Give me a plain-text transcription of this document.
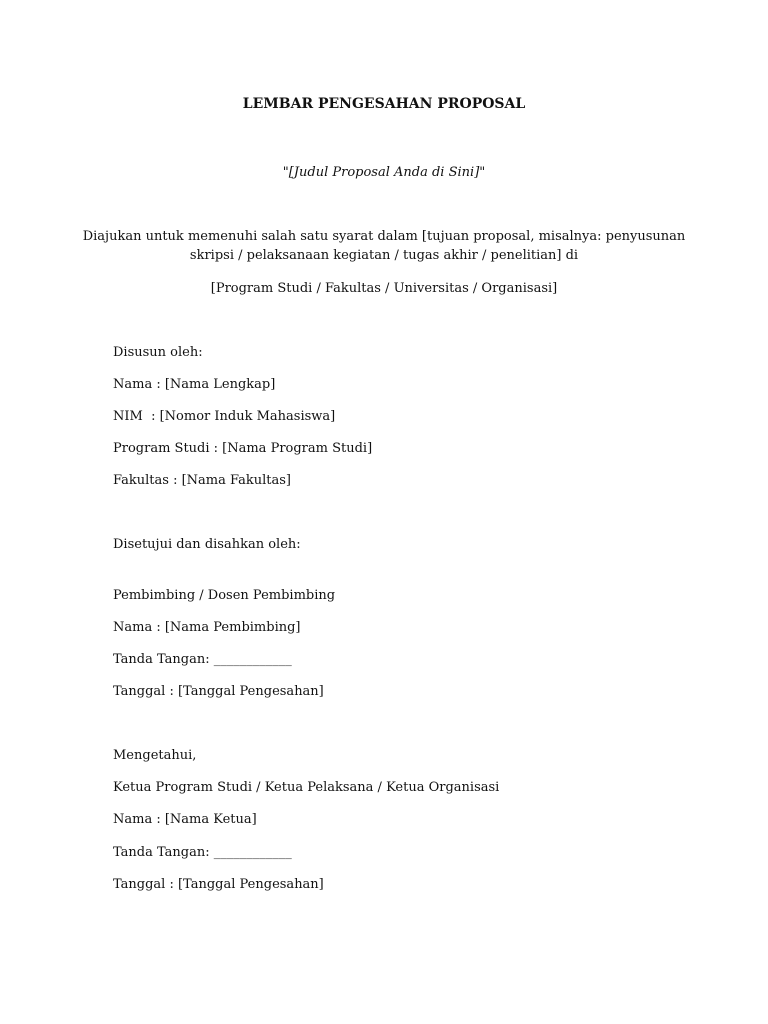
LEMBAR PENGESAHAN PROPOSAL
"[Judul Proposal Anda di Sini]"
Diajukan untuk memenuhi salah satu syarat dalam [tujuan proposal, misalnya: penyusunan
skripsi / pelaksanaan kegiatan / tugas akhir / penelitian] di
[Program Studi / Fakultas / Universitas / Organisasi]
Disusun oleh:
Nama : [Nama Lengkap]
NIM  : [Nomor Induk Mahasiswa]
Program Studi : [Nama Program Studi]
Fakultas : [Nama Fakultas]
Disetujui dan disahkan oleh:
Pembimbing / Dosen Pembimbing
Nama : [Nama Pembimbing]
Tanda Tangan: ____________
Tanggal : [Tanggal Pengesahan]
Mengetahui,
Ketua Program Studi / Ketua Pelaksana / Ketua Organisasi
Nama : [Nama Ketua]
Tanda Tangan: ____________
Tanggal : [Tanggal Pengesahan]
